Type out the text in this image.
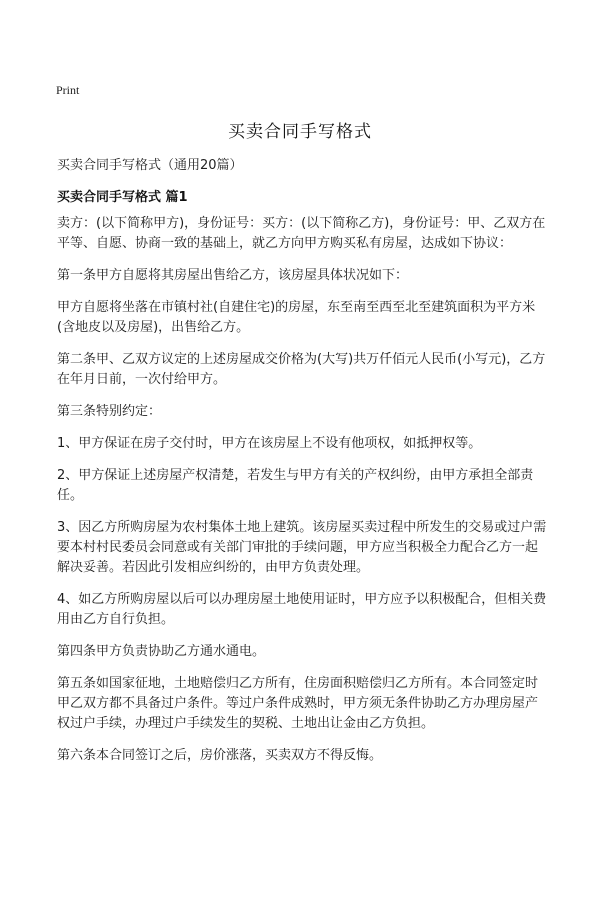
Print
买卖合同手写格式
买卖合同手写格式（通用20篇）
买卖合同手写格式 篇1

卖方：(以下简称甲方)，身份证号：买方：(以下简称乙方)，身份证号：甲、乙双方在平等、自愿、协商一致的基础上，就乙方向甲方购买私有房屋，达成如下协议：

第一条甲方自愿将其房屋出售给乙方，该房屋具体状况如下：

甲方自愿将坐落在市镇村社(自建住宅)的房屋，东至南至西至北至建筑面积为平方米(含地皮以及房屋)，出售给乙方。

第二条甲、乙双方议定的上述房屋成交价格为(大写)共万仟佰元人民币(小写元)，乙方在年月日前，一次付给甲方。

第三条特别约定：

1、甲方保证在房子交付时，甲方在该房屋上不设有他项权，如抵押权等。

2、甲方保证上述房屋产权清楚，若发生与甲方有关的产权纠纷，由甲方承担全部责任。

3、因乙方所购房屋为农村集体土地上建筑。该房屋买卖过程中所发生的交易或过户需要本村村民委员会同意或有关部门审批的手续问题，甲方应当积极全力配合乙方一起解决妥善。若因此引发相应纠纷的，由甲方负责处理。

4、如乙方所购房屋以后可以办理房屋土地使用证时，甲方应予以积极配合，但相关费用由乙方自行负担。

第四条甲方负责协助乙方通水通电。

第五条如国家征地，土地赔偿归乙方所有，住房面积赔偿归乙方所有。本合同签定时甲乙双方都不具备过户条件。等过户条件成熟时，甲方须无条件协助乙方办理房屋产权过户手续，办理过户手续发生的契税、土地出让金由乙方负担。

第六条本合同签订之后，房价涨落，买卖双方不得反悔。
